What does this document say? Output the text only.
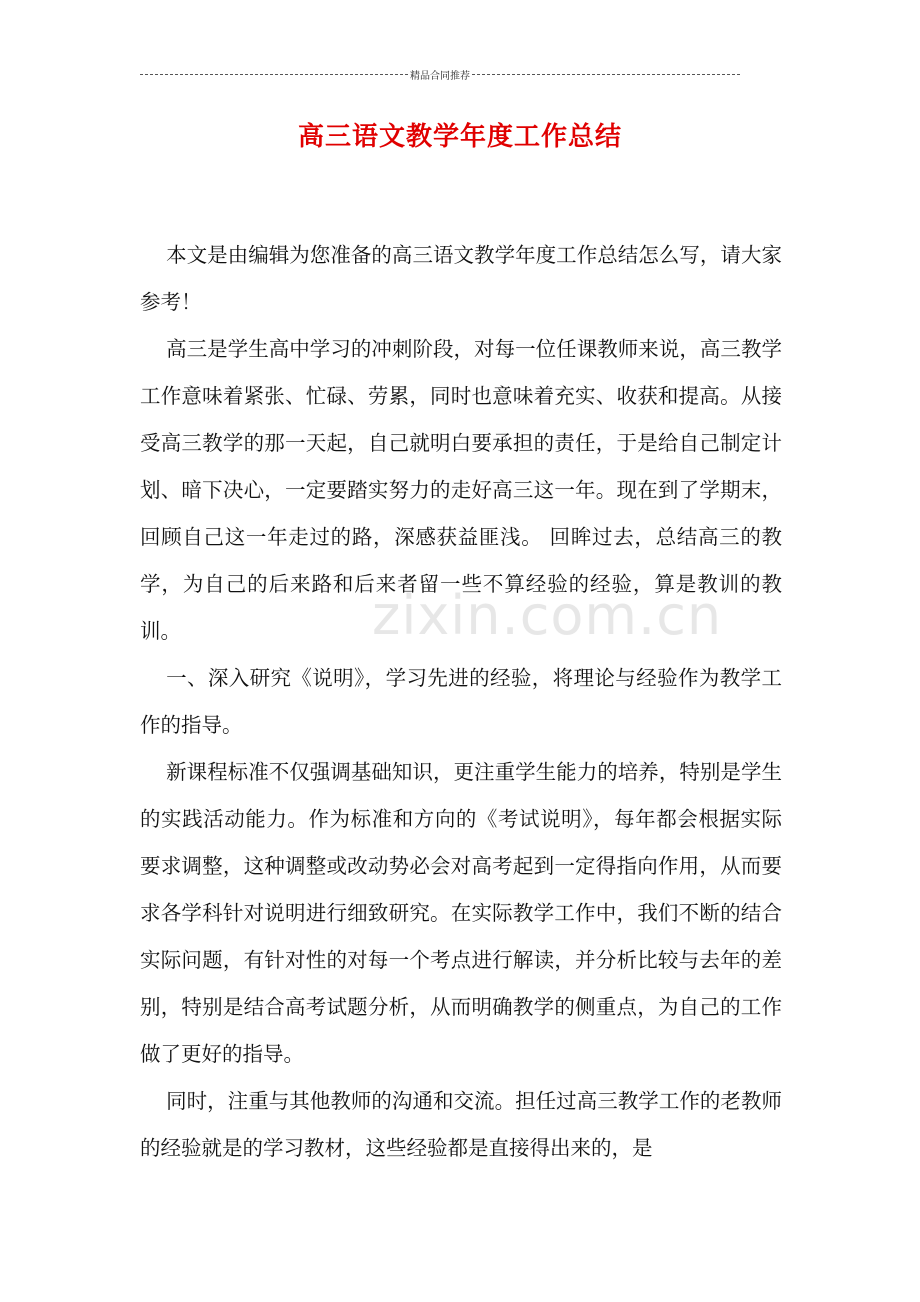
精品合同推荐
高三语文教学年度工作总结

本文是由编辑为您准备的高三语文教学年度工作总结怎么写，请大家参考！

高三是学生高中学习的冲刺阶段，对每一位任课教师来说，高三教学工作意味着紧张、忙碌、劳累，同时也意味着充实、收获和提高。从接受高三教学的那一天起，自己就明白要承担的责任，于是给自己制定计划、暗下决心，一定要踏实努力的走好高三这一年。现在到了学期末，回顾自己这一年走过的路，深感获益匪浅。 回眸过去，总结高三的教学，为自己的后来路和后来者留一些不算经验的经验，算是教训的教训。

一、深入研究《说明》，学习先进的经验，将理论与经验作为教学工作的指导。

新课程标准不仅强调基础知识，更注重学生能力的培养，特别是学生的实践活动能力。作为标准和方向的《考试说明》，每年都会根据实际要求调整，这种调整或改动势必会对高考起到一定得指向作用，从而要求各学科针对说明进行细致研究。在实际教学工作中，我们不断的结合实际问题，有针对性的对每一个考点进行解读，并分析比较与去年的差别，特别是结合高考试题分析，从而明确教学的侧重点，为自己的工作做了更好的指导。

同时，注重与其他教师的沟通和交流。担任过高三教学工作的老教师的经验就是的学习教材，这些经验都是直接得出来的，是

zixin.com.cn
